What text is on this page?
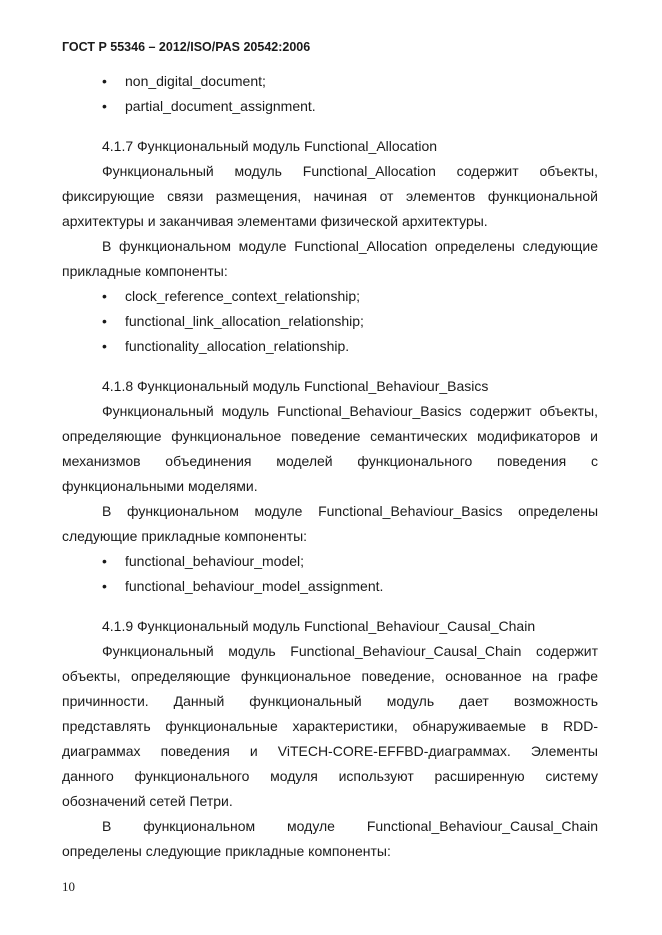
ГОСТ Р 55346 – 2012/ISO/PAS 20542:2006
• non_digital_document;
• partial_document_assignment.
4.1.7 Функциональный модуль Functional_Allocation
Функциональный модуль Functional_Allocation содержит объекты,
фиксирующие связи размещения, начиная от элементов функциональной
архитектуры и заканчивая элементами физической архитектуры.
В функциональном модуле Functional_Allocation определены следующие
прикладные компоненты:
• clock_reference_context_relationship;
• functional_link_allocation_relationship;
• functionality_allocation_relationship.
4.1.8 Функциональный модуль Functional_Behaviour_Basics
Функциональный модуль Functional_Behaviour_Basics содержит объекты,
определяющие функциональное поведение семантических модификаторов и
механизмов объединения моделей функционального поведения с
функциональными моделями.
В функциональном модуле Functional_Behaviour_Basics определены
следующие прикладные компоненты:
• functional_behaviour_model;
• functional_behaviour_model_assignment.
4.1.9 Функциональный модуль Functional_Behaviour_Causal_Chain
Функциональный модуль Functional_Behaviour_Causal_Chain содержит
объекты, определяющие функциональное поведение, основанное на графе
причинности. Данный функциональный модуль дает возможность
представлять функциональные характеристики, обнаруживаемые в RDD-
диаграммах поведения и ViTECH-CORE-EFFBD-диаграммах. Элементы
данного функционального модуля используют расширенную систему
обозначений сетей Петри.
В функциональном модуле Functional_Behaviour_Causal_Chain
определены следующие прикладные компоненты:
10
